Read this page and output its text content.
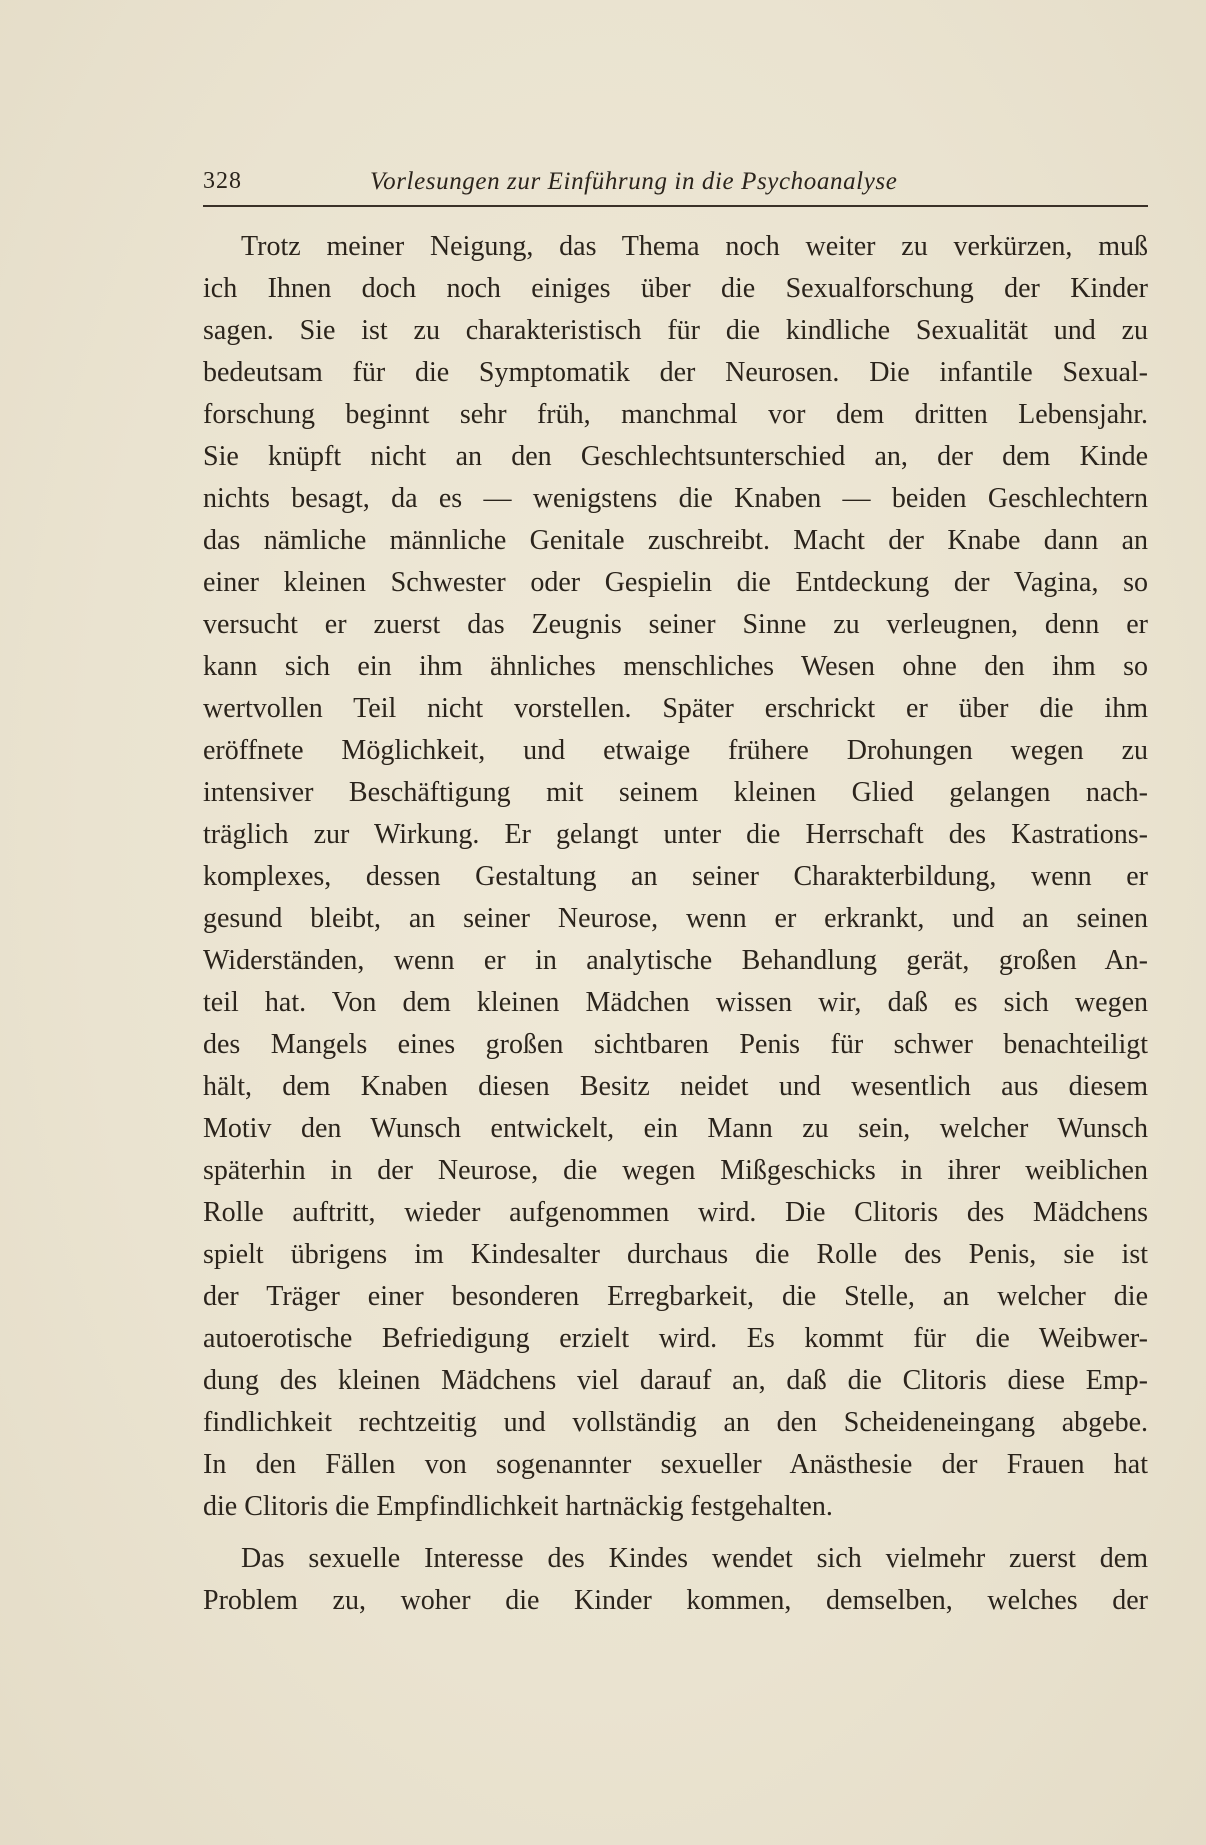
328	Vorlesungen zur Einführung in die Psychoanalyse
Trotz meiner Neigung, das Thema noch weiter zu verkürzen, muß
ich Ihnen doch noch einiges über die Sexualforschung der Kinder
sagen. Sie ist zu charakteristisch für die kindliche Sexualität und zu
bedeutsam für die Symptomatik der Neurosen. Die infantile Sexual-
forschung beginnt sehr früh, manchmal vor dem dritten Lebensjahr.
Sie knüpft nicht an den Geschlechtsunterschied an, der dem Kinde
nichts besagt, da es — wenigstens die Knaben — beiden Geschlechtern
das nämliche männliche Genitale zuschreibt. Macht der Knabe dann an
einer kleinen Schwester oder Gespielin die Entdeckung der Vagina, so
versucht er zuerst das Zeugnis seiner Sinne zu verleugnen, denn er
kann sich ein ihm ähnliches menschliches Wesen ohne den ihm so
wertvollen Teil nicht vorstellen. Später erschrickt er über die ihm
eröffnete Möglichkeit, und etwaige frühere Drohungen wegen zu
intensiver Beschäftigung mit seinem kleinen Glied gelangen nach-
träglich zur Wirkung. Er gelangt unter die Herrschaft des Kastrations-
komplexes, dessen Gestaltung an seiner Charakterbildung, wenn er
gesund bleibt, an seiner Neurose, wenn er erkrankt, und an seinen
Widerständen, wenn er in analytische Behandlung gerät, großen An-
teil hat. Von dem kleinen Mädchen wissen wir, daß es sich wegen
des Mangels eines großen sichtbaren Penis für schwer benachteiligt
hält, dem Knaben diesen Besitz neidet und wesentlich aus diesem
Motiv den Wunsch entwickelt, ein Mann zu sein, welcher Wunsch
späterhin in der Neurose, die wegen Mißgeschicks in ihrer weiblichen
Rolle auftritt, wieder aufgenommen wird. Die Clitoris des Mädchens
spielt übrigens im Kindesalter durchaus die Rolle des Penis, sie ist
der Träger einer besonderen Erregbarkeit, die Stelle, an welcher die
autoerotische Befriedigung erzielt wird. Es kommt für die Weibwer-
dung des kleinen Mädchens viel darauf an, daß die Clitoris diese Emp-
findlichkeit rechtzeitig und vollständig an den Scheideneingang abgebe.
In den Fällen von sogenannter sexueller Anästhesie der Frauen hat
die Clitoris die Empfindlichkeit hartnäckig festgehalten.
Das sexuelle Interesse des Kindes wendet sich vielmehr zuerst dem
Problem zu, woher die Kinder kommen, demselben, welches der
